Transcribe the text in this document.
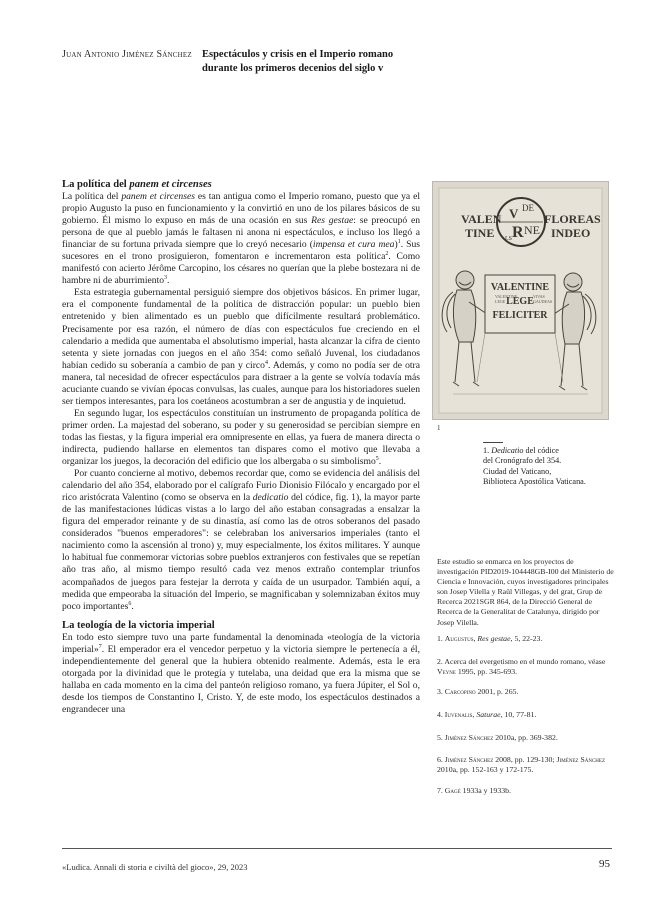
Juan Antonio Jiménez Sánchez Espectáculos y crisis en el Imperio romano
durante los primeros decenios del siglo v
La política del panem et circenses

La política del panem et circenses es tan antigua como el Imperio romano, puesto que ya el propio Augusto la puso en funcionamiento y la convirtió en uno de los pilares básicos de su gobierno. Él mismo lo expuso en más de una ocasión en sus Res gestae: se preocupó en persona de que al pueblo jamás le faltasen ni anona ni espectáculos, e incluso los llegó a financiar de su fortuna privada siempre que lo creyó necesario (impensa et cura mea)$^1$. Sus sucesores en el trono prosiguieron, fomentaron e incrementaron esta política$^2$. Como manifestó con acierto Jérôme Carcopino, los césares no querían que la plebe bostezara ni de hambre ni de aburrimiento$^3$.

Esta estrategia gubernamental persiguió siempre dos objetivos básicos. En primer lugar, era el componente fundamental de la política de distracción popular: un pueblo bien entretenido y bien alimentado es un pueblo que difícilmente resultará problemático. Precisamente por esa razón, el número de días con espectáculos fue creciendo en el calendario a medida que aumentaba el absolutismo imperial, hasta alcanzar la cifra de ciento setenta y siete jornadas con juegos en el año 354: como señaló Juvenal, los ciudadanos habían cedido su soberanía a cambio de pan y circo$^4$. Además, y como no podía ser de otra manera, tal necesidad de ofrecer espectáculos para distraer a la gente se volvía todavía más acuciante cuando se vivían épocas convulsas, las cuales, aunque para los historiadores suelen ser tiempos interesantes, para los coetáneos acostumbran a ser de angustia y de inquietud.

En segundo lugar, los espectáculos constituían un instrumento de propaganda política de primer orden. La majestad del soberano, su poder y su generosidad se percibían siempre en todas las fiestas, y la figura imperial era omnipresente en ellas, ya fuera de manera directa o indirecta, pudiendo hallarse en elementos tan dispares como el motivo que llevaba a organizar los juegos, la decoración del edificio que los albergaba o su simbolismo$^5$.

Por cuanto concierne al motivo, debemos recordar que, como se evidencia del análisis del calendario del año 354, elaborado por el calígrafo Furio Dionisio Filócalo y encargado por el rico aristócrata Valentino (como se observa en la dedicatio del códice, fig. 1), la mayor parte de las manifestaciones lúdicas vistas a lo largo del año estaban consagradas a ensalzar la figura del emperador reinante y de su dinastía, así como las de otros soberanos del pasado considerados "buenos emperadores": se celebraban los aniversarios imperiales (tanto el nacimiento como la ascensión al trono) y, muy especialmente, los éxitos militares. Y aunque lo habitual fue conmemorar victorias sobre pueblos extranjeros con festivales que se repetían año tras año, al mismo tiempo resultó cada vez menos extraño contemplar triunfos acompañados de juegos para festejar la derrota y caída de un usurpador. También aquí, a medida que empeoraba la situación del Imperio, se magnificaban y solemnizaban éxitos muy poco importantes$^6$.

La teología de la victoria imperial

En todo esto siempre tuvo una parte fundamental la denominada «teología de la victoria imperial»$^7$. El emperador era el vencedor perpetuo y la victoria siempre le pertenecía a él, independientemente del general que la hubiera obtenido realmente. Además, esta le era otorgada por la divinidad que le protegía y tutelaba, una deidad que era la misma que se hallaba en cada momento en la cima del panteón religioso romano, ya fuera Júpiter, el Sol o, desde los tiempos de Constantino I, Cristo. Y, de este modo, los espectáculos destinados a engrandecer una

VALEN
TINE
FLOREAS
INDEO
V DE
R NE
LS
VALENTINE
LEGE
FELICITER
VALENTINE	VIVAS
LEGE	GAUDEAS
1
1. Dedicatio del códice
del Cronógrafo del 354.
Ciudad del Vaticano,
Biblioteca Apostólica Vaticana.
Este estudio se enmarca en los proyectos de investigación PID2019-104448GB-I00 del Ministerio de Ciencia e Innovación, cuyos investigadores principales son Josep Vilella y Raül Villegas, y del grat, Grup de Recerca 2021SGR 864, de la Direcció General de Recerca de la Generalitat de Catalunya, dirigido por Josep Vilella.
1. Augustus, Res gestae, 5, 22-23.
2. Acerca del evergetismo en el mundo romano, véase Veyne 1995, pp. 345-693.
3. Carcopino 2001, p. 265.
4. Iuvenalis, Saturae, 10, 77-81.
5. Jiménez Sánchez 2010a, pp. 369-382.
6. Jiménez Sánchez 2008, pp. 129-130; Jiménez Sánchez 2010a, pp. 152-163 y 172-175.
7. Gagé 1933a y 1933b.
«Ludica. Annali di storia e civiltà del gioco», 29, 2023	95
